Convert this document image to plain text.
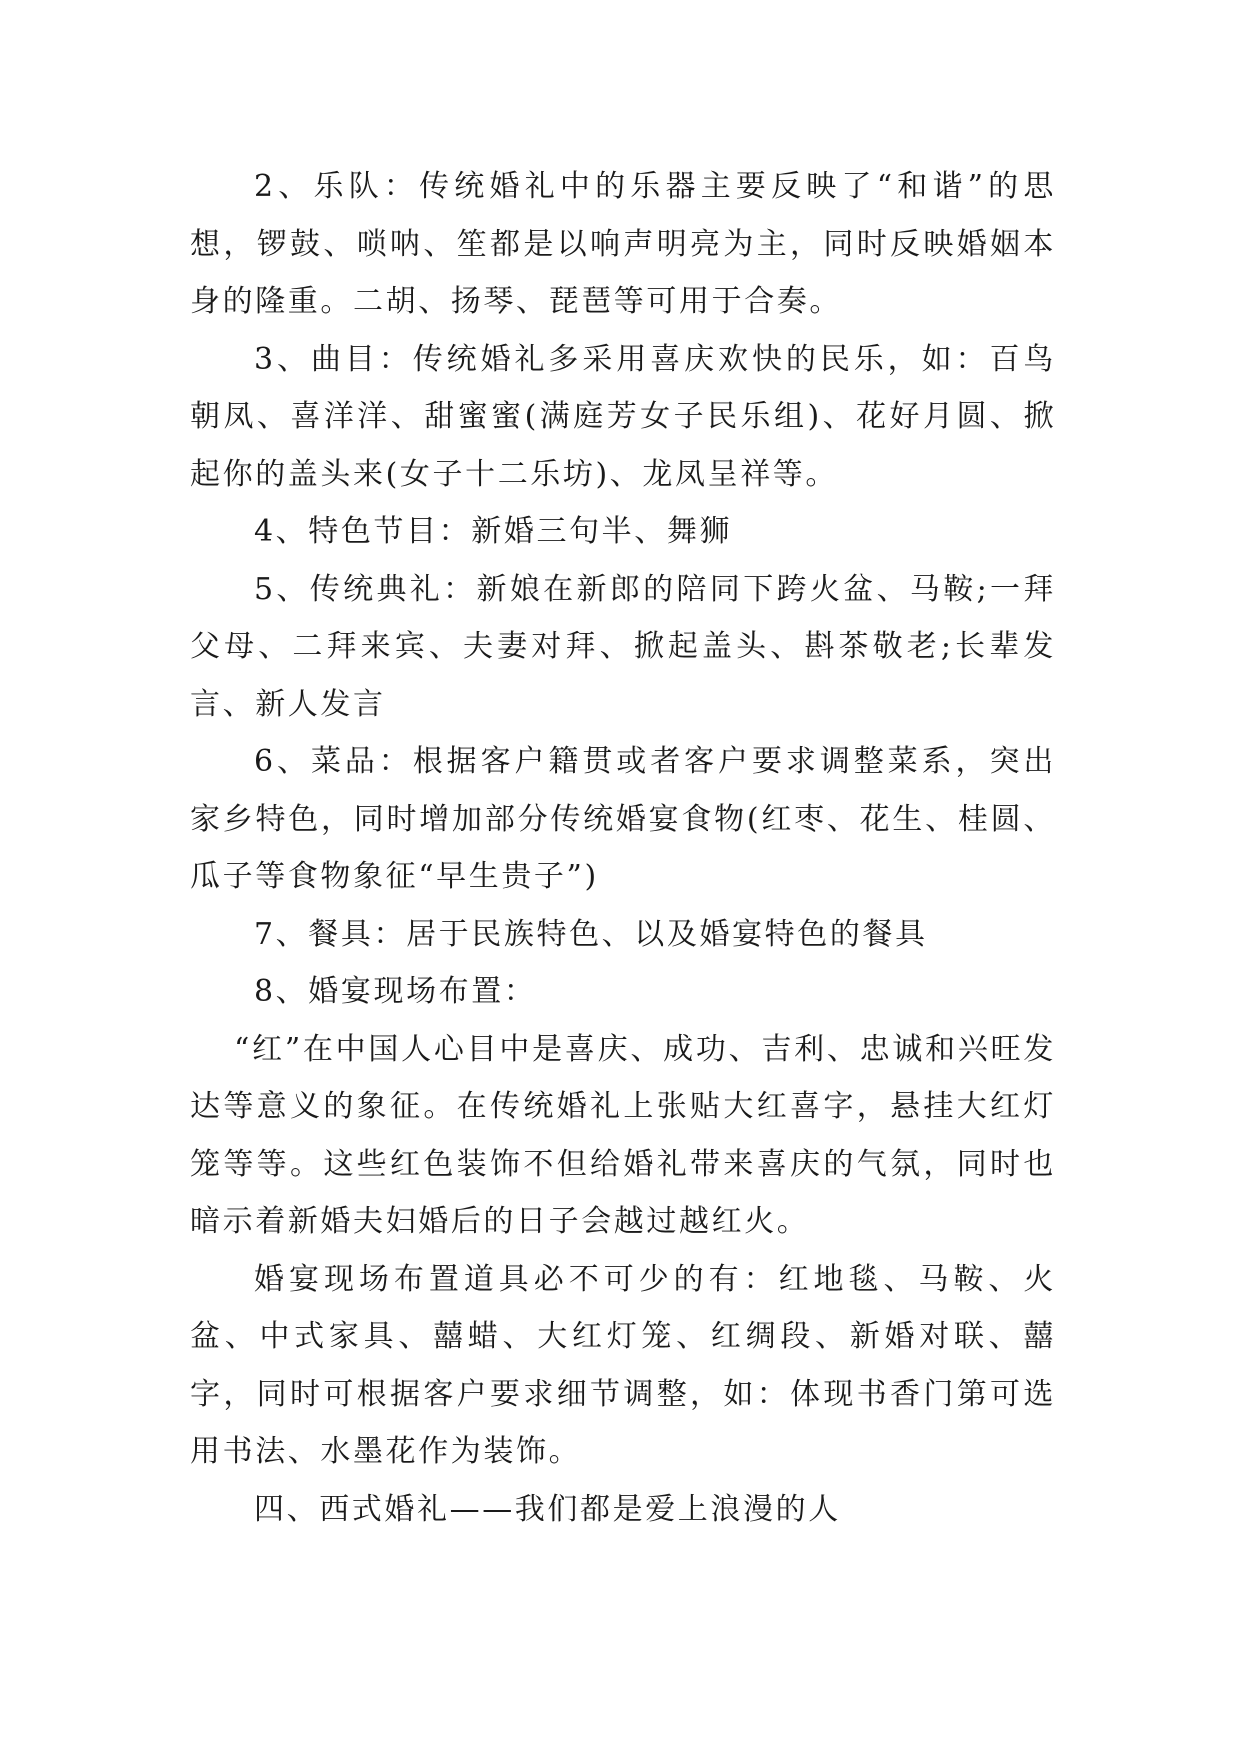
2、乐队：传统婚礼中的乐器主要反映了“和谐”的思想，锣鼓、唢呐、笙都是以响声明亮为主，同时反映婚姻本身的隆重。二胡、扬琴、琵琶等可用于合奏。

3、曲目：传统婚礼多采用喜庆欢快的民乐，如：百鸟朝凤、喜洋洋、甜蜜蜜(满庭芳女子民乐组)、花好月圆、掀起你的盖头来(女子十二乐坊)、龙凤呈祥等。

4、特色节目：新婚三句半、舞狮

5、传统典礼：新娘在新郎的陪同下跨火盆、马鞍;一拜父母、二拜来宾、夫妻对拜、掀起盖头、斟茶敬老;长辈发言、新人发言

6、菜品：根据客户籍贯或者客户要求调整菜系，突出家乡特色，同时增加部分传统婚宴食物(红枣、花生、桂圆、瓜子等食物象征“早生贵子”)

7、餐具：居于民族特色、以及婚宴特色的餐具

8、婚宴现场布置：

“红”在中国人心目中是喜庆、成功、吉利、忠诚和兴旺发达等意义的象征。在传统婚礼上张贴大红喜字，悬挂大红灯笼等等。这些红色装饰不但给婚礼带来喜庆的气氛，同时也暗示着新婚夫妇婚后的日子会越过越红火。

婚宴现场布置道具必不可少的有：红地毯、马鞍、火盆、中式家具、囍蜡、大红灯笼、红绸段、新婚对联、囍字，同时可根据客户要求细节调整，如：体现书香门第可选用书法、水墨花作为装饰。

四、西式婚礼——我们都是爱上浪漫的人
